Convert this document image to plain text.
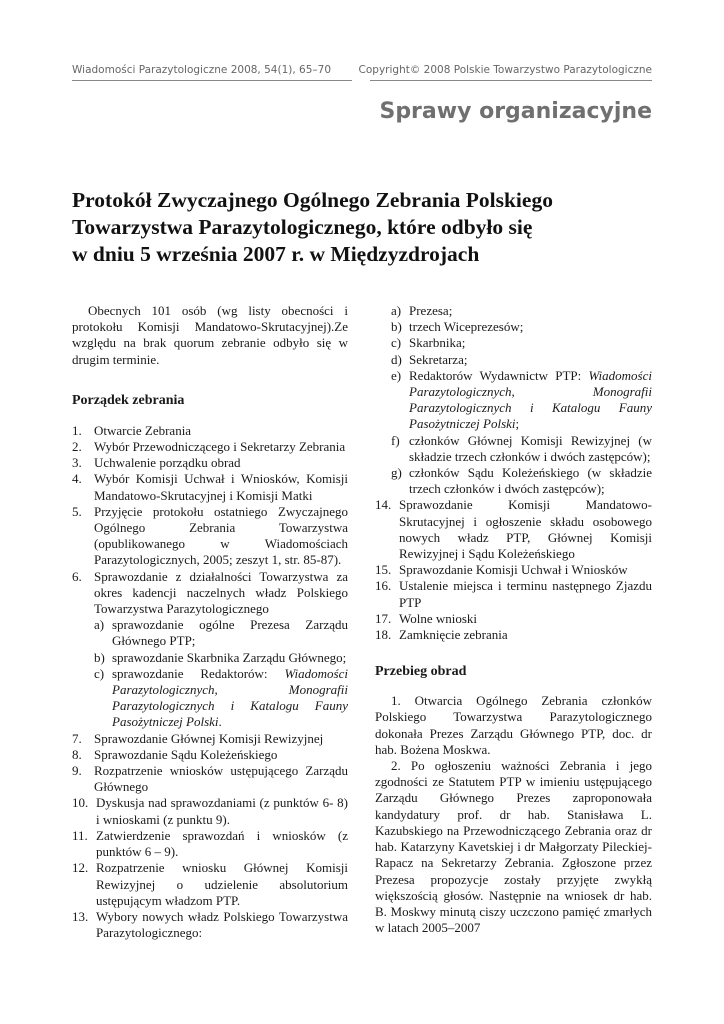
Wiadomości Parazytologiczne 2008, 54(1), 65–70	Copyright© 2008 Polskie Towarzystwo Parazytologiczne
Sprawy organizacyjne
Protokół Zwyczajnego Ogólnego Zebrania Polskiego
Towarzystwa Parazytologicznego, które odbyło się
w dniu 5 września 2007 r. w Międzyzdrojach

Obecnych 101 osób (wg listy obecności i protokołu Komisji Mandatowo-Skrutacyjnej).Ze względu na brak quorum zebranie odbyło się w drugim terminie.

Porządek zebrania
1. Otwarcie Zebrania
2. Wybór Przewodniczącego i Sekretarzy Zebrania
3. Uchwalenie porządku obrad
4. Wybór Komisji Uchwał i Wniosków, Komisji Mandatowo-Skrutacyjnej i Komisji Matki
5. Przyjęcie protokołu ostatniego Zwyczajnego Ogólnego Zebrania Towarzystwa (opublikowanego w Wiadomościach Parazytologicznych, 2005; zeszyt 1, str. 85-87).
6. Sprawozdanie z działalności Towarzystwa za okres kadencji naczelnych władz Polskiego Towarzystwa Parazytologicznego
a) sprawozdanie ogólne Prezesa Zarządu Głównego PTP;
b) sprawozdanie Skarbnika Zarządu Głównego;
c) sprawozdanie Redaktorów: Wiadomości Parazytologicznych, Monografii Parazytologicznych i Katalogu Fauny Pasożytniczej Polski.
7. Sprawozdanie Głównej Komisji Rewizyjnej
8. Sprawozdanie Sądu Koleżeńskiego
9. Rozpatrzenie wniosków ustępującego Zarządu Głównego
10. Dyskusja nad sprawozdaniami (z punktów 6- 8) i wnioskami (z punktu 9).
11. Zatwierdzenie sprawozdań i wniosków (z punktów 6 – 9).
12. Rozpatrzenie wniosku Głównej Komisji Rewizyjnej o udzielenie absolutorium ustępującym władzom PTP.
13. Wybory nowych władz Polskiego Towarzystwa Parazytologicznego:
a) Prezesa;
b) trzech Wiceprezesów;
c) Skarbnika;
d) Sekretarza;
e) Redaktorów Wydawnictw PTP: Wiadomości Parazytologicznych, Monografii Parazytologicznych i Katalogu Fauny Pasożytniczej Polski;
f) członków Głównej Komisji Rewizyjnej (w składzie trzech członków i dwóch zastępców);
g) członków Sądu Koleżeńskiego (w składzie trzech członków i dwóch zastępców);
14. Sprawozdanie Komisji Mandatowo-Skrutacyjnej i ogłoszenie składu osobowego nowych władz PTP, Głównej Komisji Rewizyjnej i Sądu Koleżeńskiego
15. Sprawozdanie Komisji Uchwał i Wniosków
16. Ustalenie miejsca i terminu następnego Zjazdu PTP
17. Wolne wnioski
18. Zamknięcie zebrania
Przebieg obrad

1. Otwarcia Ogólnego Zebrania członków Polskiego Towarzystwa Parazytologicznego dokonała Prezes Zarządu Głównego PTP, doc. dr hab. Bożena Moskwa.

2. Po ogłoszeniu ważności Zebrania i jego zgodności ze Statutem PTP w imieniu ustępującego Zarządu Głównego Prezes zaproponowała kandydatury prof. dr hab. Stanisława L. Kazubskiego na Przewodniczącego Zebrania oraz dr hab. Katarzyny Kavetskiej i dr Małgorzaty Pileckiej-Rapacz na Sekretarzy Zebrania. Zgłoszone przez Prezesa propozycje zostały przyjęte zwykłą większością głosów. Następnie na wniosek dr hab. B. Moskwy minutą ciszy uczczono pamięć zmarłych w latach 2005–2007
